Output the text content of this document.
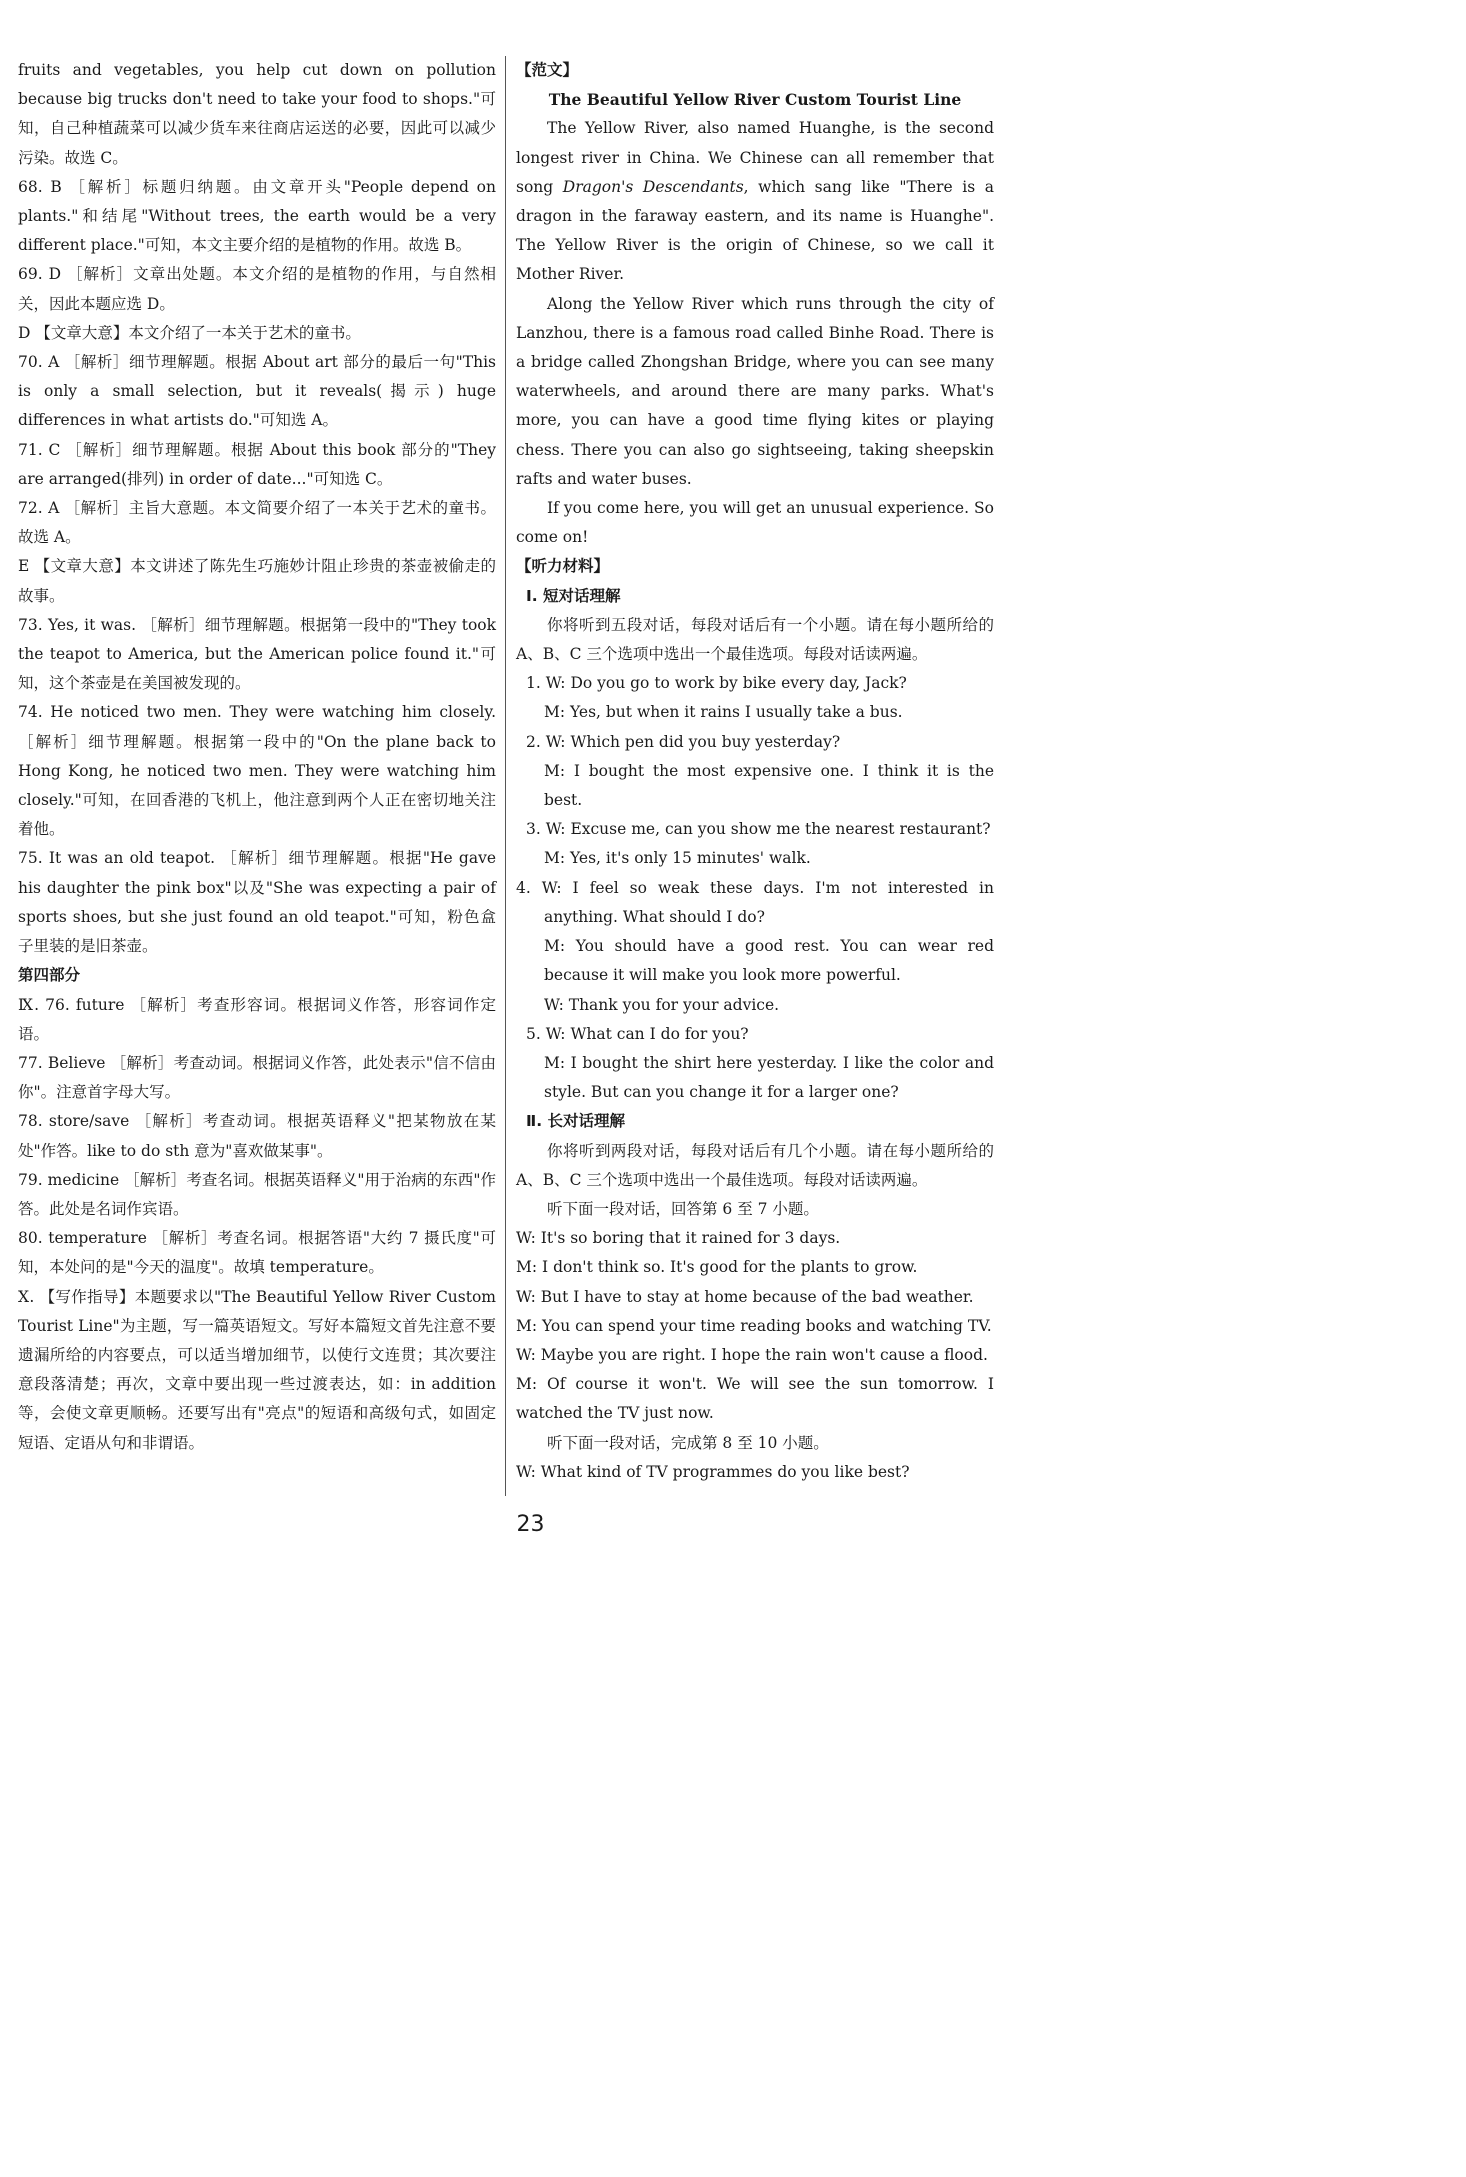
fruits and vegetables, you help cut down on pollution because big trucks don't need to take your food to shops."可知，自己种植蔬菜可以减少货车来往商店运送的必要，因此可以减少污染。故选 C。

68. B ［解析］标题归纳题。由文章开头"People depend on plants."和结尾"Without trees, the earth would be a very different place."可知，本文主要介绍的是植物的作用。故选 B。

69. D ［解析］文章出处题。本文介绍的是植物的作用，与自然相关，因此本题应选 D。

D 【文章大意】本文介绍了一本关于艺术的童书。

70. A ［解析］细节理解题。根据 About art 部分的最后一句"This is only a small selection, but it reveals(揭示) huge differences in what artists do."可知选 A。

71. C ［解析］细节理解题。根据 About this book 部分的"They are arranged(排列) in order of date..."可知选 C。

72. A ［解析］主旨大意题。本文简要介绍了一本关于艺术的童书。故选 A。

E 【文章大意】本文讲述了陈先生巧施妙计阻止珍贵的茶壶被偷走的故事。

73. Yes, it was. ［解析］细节理解题。根据第一段中的"They took the teapot to America, but the American police found it."可知，这个茶壶是在美国被发现的。

74. He noticed two men. They were watching him closely. ［解析］细节理解题。根据第一段中的"On the plane back to Hong Kong, he noticed two men. They were watching him closely."可知，在回香港的飞机上，他注意到两个人正在密切地关注着他。

75. It was an old teapot. ［解析］细节理解题。根据"He gave his daughter the pink box"以及"She was expecting a pair of sports shoes, but she just found an old teapot."可知，粉色盒子里装的是旧茶壶。

第四部分

Ⅸ. 76. future ［解析］考查形容词。根据词义作答，形容词作定语。

77. Believe ［解析］考查动词。根据词义作答，此处表示"信不信由你"。注意首字母大写。

78. store/save ［解析］考查动词。根据英语释义"把某物放在某处"作答。like to do sth 意为"喜欢做某事"。

79. medicine ［解析］考查名词。根据英语释义"用于治病的东西"作答。此处是名词作宾语。

80. temperature ［解析］考查名词。根据答语"大约 7 摄氏度"可知，本处问的是"今天的温度"。故填 temperature。

Ⅹ. 【写作指导】本题要求以"The Beautiful Yellow River Custom Tourist Line"为主题，写一篇英语短文。写好本篇短文首先注意不要遗漏所给的内容要点，可以适当增加细节，以使行文连贯；其次要注意段落清楚；再次，文章中要出现一些过渡表达，如：in addition 等，会使文章更顺畅。还要写出有"亮点"的短语和高级句式，如固定短语、定语从句和非谓语。

【范文】

The Beautiful Yellow River Custom Tourist Line

The Yellow River, also named Huanghe, is the second longest river in China. We Chinese can all remember that song Dragon's Descendants, which sang like "There is a dragon in the faraway eastern, and its name is Huanghe". The Yellow River is the origin of Chinese, so we call it Mother River.

Along the Yellow River which runs through the city of Lanzhou, there is a famous road called Binhe Road. There is a bridge called Zhongshan Bridge, where you can see many waterwheels, and around there are many parks. What's more, you can have a good time flying kites or playing chess. There you can also go sightseeing, taking sheepskin rafts and water buses.

If you come here, you will get an unusual experience. So come on!

【听力材料】

Ⅰ. 短对话理解

你将听到五段对话，每段对话后有一个小题。请在每小题所给的 A、B、C 三个选项中选出一个最佳选项。每段对话读两遍。

1. W: Do you go to work by bike every day, Jack?

M: Yes, but when it rains I usually take a bus.

2. W: Which pen did you buy yesterday?

M: I bought the most expensive one. I think it is the best.

3. W: Excuse me, can you show me the nearest restaurant?

M: Yes, it's only 15 minutes' walk.

4. W: I feel so weak these days. I'm not interested in anything. What should I do?

M: You should have a good rest. You can wear red because it will make you look more powerful.

W: Thank you for your advice.

5. W: What can I do for you?

M: I bought the shirt here yesterday. I like the color and style. But can you change it for a larger one?

Ⅱ. 长对话理解

你将听到两段对话，每段对话后有几个小题。请在每小题所给的 A、B、C 三个选项中选出一个最佳选项。每段对话读两遍。

听下面一段对话，回答第 6 至 7 小题。

W: It's so boring that it rained for 3 days.

M: I don't think so. It's good for the plants to grow.

W: But I have to stay at home because of the bad weather.

M: You can spend your time reading books and watching TV.

W: Maybe you are right. I hope the rain won't cause a flood.

M: Of course it won't. We will see the sun tomorrow. I watched the TV just now.

听下面一段对话，完成第 8 至 10 小题。

W: What kind of TV programmes do you like best?

23
